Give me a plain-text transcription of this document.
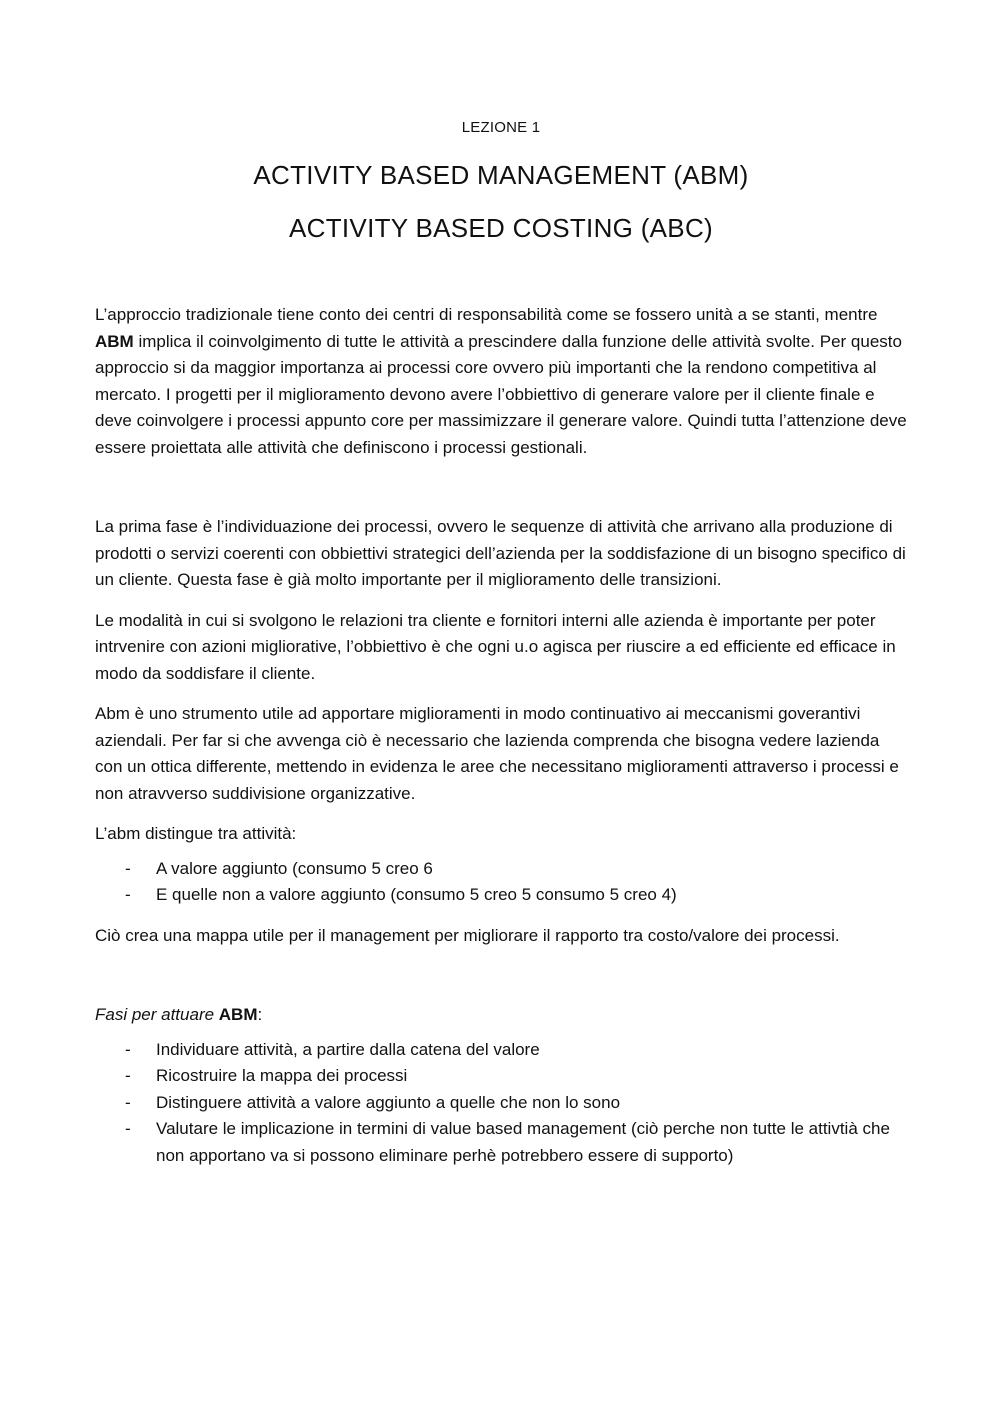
LEZIONE 1
ACTIVITY BASED MANAGEMENT (ABM)
ACTIVITY BASED COSTING (ABC)

L’approccio tradizionale tiene conto dei centri di responsabilità come se fossero unità a se stanti, mentre ABM implica il coinvolgimento di tutte le attività a prescindere dalla funzione delle attività svolte. Per questo approccio si da maggior importanza ai processi core ovvero più importanti che la rendono competitiva al mercato. I progetti per il miglioramento devono avere l’obbiettivo di generare valore per il cliente finale e deve coinvolgere i processi appunto core per massimizzare il generare valore. Quindi tutta l’attenzione deve essere proiettata alle attività che definiscono i processi gestionali.

La prima fase è l’individuazione dei processi, ovvero le sequenze di attività che arrivano alla produzione di prodotti o servizi coerenti con obbiettivi strategici dell’azienda per la soddisfazione di un bisogno specifico di un cliente. Questa fase è già molto importante per il miglioramento delle transizioni.

Le modalità in cui si svolgono le relazioni tra cliente e fornitori interni alle azienda è importante per poter intrvenire con azioni migliorative, l’obbiettivo è che ogni u.o agisca per riuscire a ed efficiente ed efficace in modo da soddisfare il cliente.

Abm è uno strumento utile ad apportare miglioramenti in modo continuativo ai meccanismi goverantivi aziendali. Per far si che avvenga ciò è necessario che lazienda comprenda che bisogna vedere lazienda con un ottica differente, mettendo in evidenza le aree che necessitano miglioramenti attraverso i processi e non atravverso suddivisione organizzative.

L’abm distingue tra attività:

- A valore aggiunto (consumo 5 creo 6
- E quelle non a valore aggiunto (consumo 5 creo 5 consumo 5 creo 4)

Ciò crea una mappa utile per il management per migliorare il rapporto tra costo/valore dei processi.

Fasi per attuare ABM:

- Individuare attività, a partire dalla catena del valore
- Ricostruire la mappa dei processi
- Distinguere attività a valore aggiunto a quelle che non lo sono
- Valutare le implicazione in termini di value based management (ciò perche non tutte le attivtià che non apportano va si possono eliminare perhè potrebbero essere di supporto)
